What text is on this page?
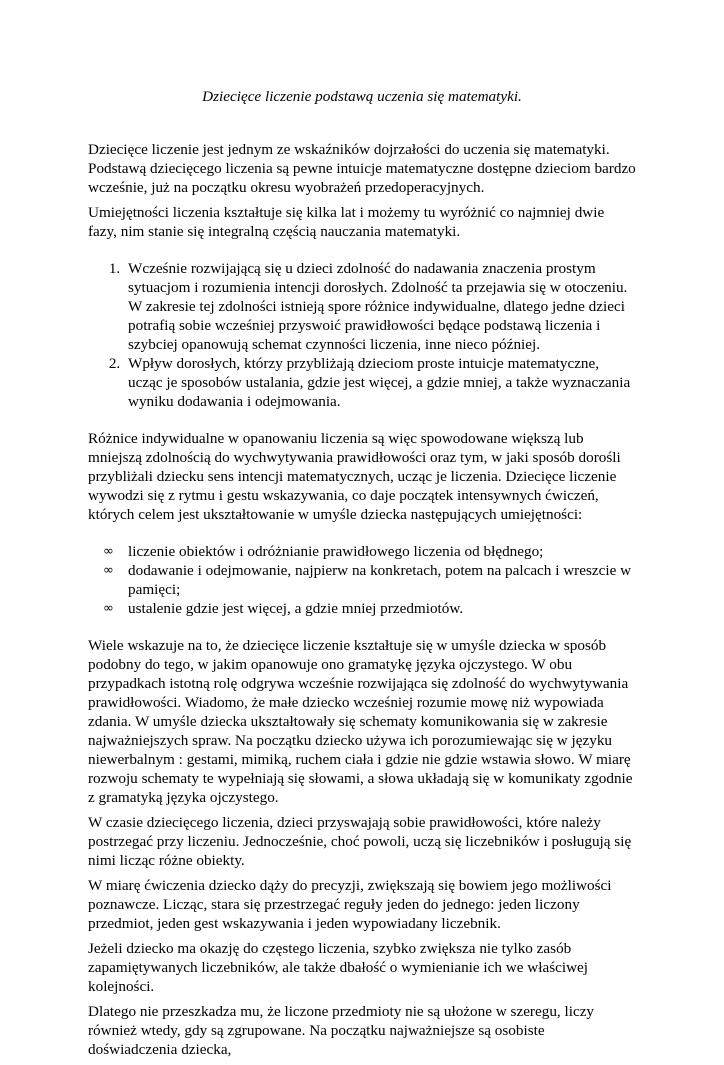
Dziecięce liczenie podstawą uczenia się matematyki.

Dziecięce liczenie jest jednym ze wskaźników dojrzałości do uczenia się matematyki. Podstawą dziecięcego liczenia są pewne intuicje matematyczne dostępne dzieciom bardzo wcześnie, już na początku okresu wyobrażeń przedoperacyjnych.

Umiejętności liczenia kształtuje się kilka lat i możemy tu wyróżnić co najmniej dwie fazy, nim stanie się integralną częścią nauczania matematyki.

1. Wcześnie rozwijającą się u dzieci zdolność do nadawania znaczenia prostym sytuacjom i rozumienia intencji dorosłych. Zdolność ta przejawia się w otoczeniu. W zakresie tej zdolności istnieją spore różnice indywidualne, dlatego jedne dzieci potrafią sobie wcześniej przyswoić prawidłowości będące podstawą liczenia i szybciej opanowują schemat czynności liczenia, inne nieco później.
2. Wpływ dorosłych, którzy przybliżają dzieciom proste intuicje matematyczne, ucząc je sposobów ustalania, gdzie jest więcej, a gdzie mniej, a także wyznaczania wyniku dodawania i odejmowania.

Różnice indywidualne w opanowaniu liczenia są więc spowodowane większą lub mniejszą zdolnością do wychwytywania prawidłowości oraz tym, w jaki sposób dorośli przybliżali dziecku sens intencji matematycznych, ucząc je liczenia. Dziecięce liczenie wywodzi się z rytmu i gestu wskazywania, co daje początek intensywnych ćwiczeń, których celem jest ukształtowanie w umyśle dziecka następujących umiejętności:

∞ liczenie obiektów i odróżnianie prawidłowego liczenia od błędnego;
∞ dodawanie i odejmowanie, najpierw na konkretach, potem na palcach i wreszcie w pamięci;
∞ ustalenie gdzie jest więcej, a gdzie mniej przedmiotów.

Wiele wskazuje na to, że dziecięce liczenie kształtuje się w umyśle dziecka w sposób podobny do tego, w jakim opanowuje ono gramatykę języka ojczystego. W obu przypadkach istotną rolę odgrywa wcześnie rozwijająca się zdolność do wychwytywania prawidłowości. Wiadomo, że małe dziecko wcześniej rozumie mowę niż wypowiada zdania. W umyśle dziecka ukształtowały się schematy komunikowania się w zakresie najważniejszych spraw. Na początku dziecko używa ich porozumiewając się w języku niewerbalnym : gestami, mimiką, ruchem ciała i gdzie nie gdzie wstawia słowo. W miarę rozwoju schematy te wypełniają się słowami, a słowa układają się w komunikaty zgodnie z gramatyką języka ojczystego.

W czasie dziecięcego liczenia, dzieci przyswajają sobie prawidłowości, które należy postrzegać przy liczeniu. Jednocześnie, choć powoli, uczą się liczebników i posługują się nimi licząc różne obiekty.

W miarę ćwiczenia dziecko dąży do precyzji, zwiększają się bowiem jego możliwości poznawcze. Licząc, stara się przestrzegać reguły jeden do jednego: jeden liczony przedmiot, jeden gest wskazywania i jeden wypowiadany liczebnik.

Jeżeli dziecko ma okazję do częstego liczenia, szybko zwiększa nie tylko zasób zapamiętywanych liczebników, ale także dbałość o wymienianie ich we właściwej kolejności.

Dlatego nie przeszkadza mu, że liczone przedmioty nie są ułożone w szeregu, liczy również wtedy, gdy są zgrupowane. Na początku najważniejsze są osobiste doświadczenia dziecka,
